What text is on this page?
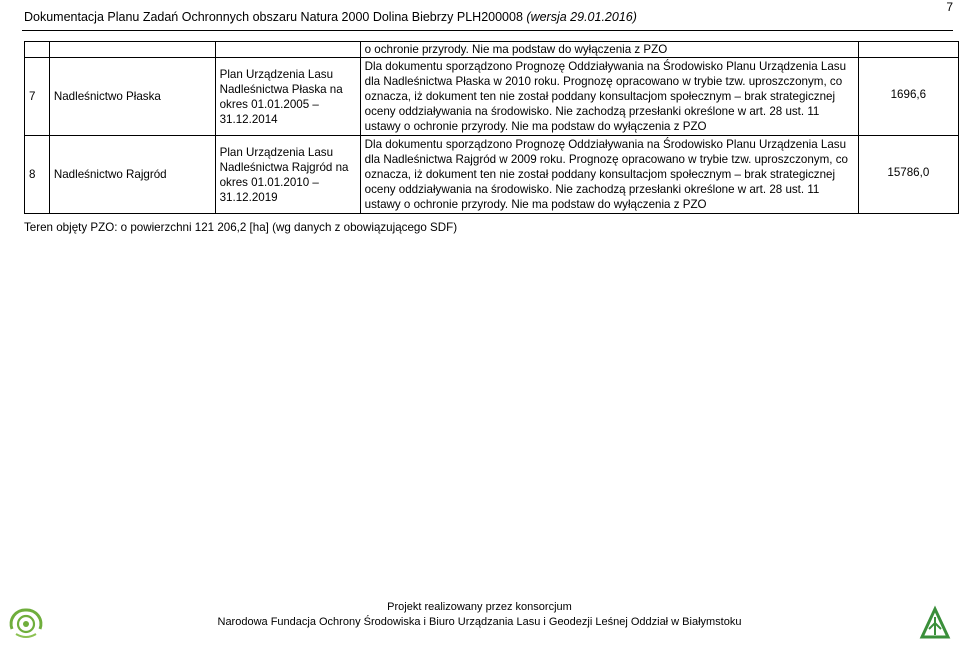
Dokumentacja Planu Zadań Ochronnych obszaru Natura 2000 Dolina Biebrzy PLH200008 (wersja 29.01.2016)
7
			o ochronie przyrody. Nie ma podstaw do wyłączenia z PZO	
7	Nadleśnictwo Płaska	Plan Urządzenia Lasu Nadleśnictwa Płaska na okres 01.01.2005 – 31.12.2014	Dla dokumentu sporządzono Prognozę Oddziaływania na Środowisko Planu Urządzenia Lasu dla Nadleśnictwa Płaska w 2010 roku. Prognozę opracowano w trybie tzw. uproszczonym, co oznacza, iż dokument ten nie został poddany konsultacjom społecznym – brak strategicznej oceny oddziaływania na środowisko. Nie zachodzą przesłanki określone w art. 28 ust. 11 ustawy o ochronie przyrody. Nie ma podstaw do wyłączenia z PZO	1696,6
8	Nadleśnictwo Rajgród	Plan Urządzenia Lasu Nadleśnictwa Rajgród na okres 01.01.2010 – 31.12.2019	Dla dokumentu sporządzono Prognozę Oddziaływania na Środowisko Planu Urządzenia Lasu dla Nadleśnictwa Rajgród w 2009 roku. Prognozę opracowano w trybie tzw. uproszczonym, co oznacza, iż dokument ten nie został poddany konsultacjom społecznym – brak strategicznej oceny oddziaływania na środowisko. Nie zachodzą przesłanki określone w art. 28 ust. 11 ustawy o ochronie przyrody. Nie ma podstaw do wyłączenia z PZO	15786,0
Teren objęty PZO: o powierzchni 121 206,2 [ha] (wg danych z obowiązującego SDF)
Projekt realizowany przez konsorcjum
Narodowa Fundacja Ochrony Środowiska i Biuro Urządzania Lasu i Geodezji Leśnej Oddział w Białymstoku
